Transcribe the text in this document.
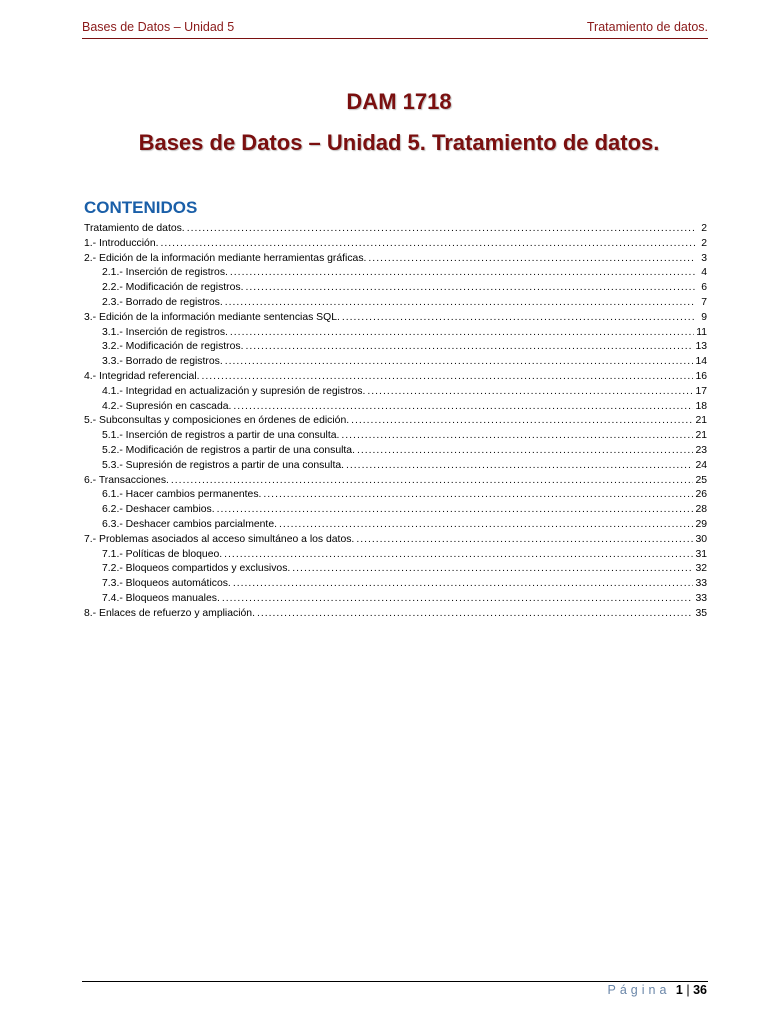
Bases de Datos – Unidad 5	Tratamiento de datos.
DAM 1718
Bases de Datos – Unidad 5. Tratamiento de datos.
CONTENIDOS
Tratamiento de datos. .....	2
1.- Introducción. .....	2
2.- Edición de la información mediante herramientas gráficas. .....	3
2.1.- Inserción de registros. .....	4
2.2.- Modificación de registros. .....	6
2.3.- Borrado de registros. .....	7
3.- Edición de la información mediante sentencias SQL. .....	9
3.1.- Inserción de registros. .....	11
3.2.- Modificación de registros. .....	13
3.3.- Borrado de registros. .....	14
4.- Integridad referencial. .....	16
4.1.- Integridad en actualización y supresión de registros. .....	17
4.2.- Supresión en cascada. .....	18
5.- Subconsultas y composiciones en órdenes de edición. .....	21
5.1.- Inserción de registros a partir de una consulta. .....	21
5.2.- Modificación de registros a partir de una consulta. .....	23
5.3.- Supresión de registros a partir de una consulta. .....	24
6.- Transacciones. .....	25
6.1.- Hacer cambios permanentes. .....	26
6.2.- Deshacer cambios. .....	28
6.3.- Deshacer cambios parcialmente. .....	29
7.- Problemas asociados al acceso simultáneo a los datos. .....	30
7.1.- Políticas de bloqueo. .....	31
7.2.- Bloqueos compartidos y exclusivos. .....	32
7.3.- Bloqueos automáticos. .....	33
7.4.- Bloqueos manuales. .....	33
8.- Enlaces de refuerzo y ampliación. .....	35
Página 1 | 36
